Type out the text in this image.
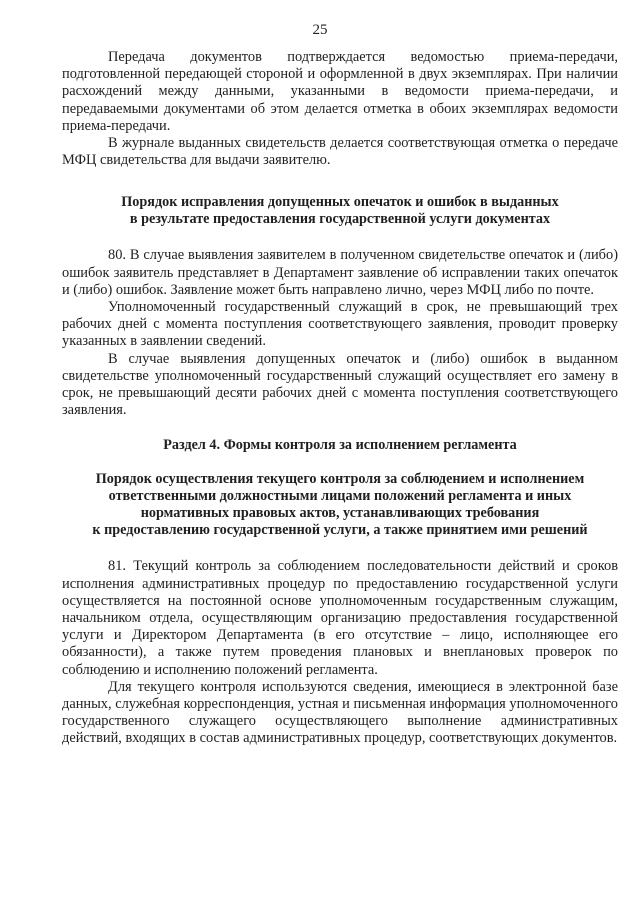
25

Передача документов подтверждается ведомостью приема-передачи, подготовленной передающей стороной и оформленной в двух экземплярах. При наличии расхождений между данными, указанными в ведомости приема-передачи, и передаваемыми документами об этом делается отметка в обоих экземплярах ведомости приема-передачи.

В журнале выданных свидетельств делается соответствующая отметка о передаче МФЦ свидетельства для выдачи заявителю.

Порядок исправления допущенных опечаток и ошибок в выданных
в результате предоставления государственной услуги документах

80. В случае выявления заявителем в полученном свидетельстве опечаток и (либо) ошибок заявитель представляет в Департамент заявление об исправлении таких опечаток и (либо) ошибок. Заявление может быть направлено лично, через МФЦ либо по почте.

Уполномоченный государственный служащий в срок, не превышающий трех рабочих дней с момента поступления соответствующего заявления, проводит проверку указанных в заявлении сведений.

В случае выявления допущенных опечаток и (либо) ошибок в выданном свидетельстве уполномоченный государственный служащий осуществляет его замену в срок, не превышающий десяти рабочих дней с момента поступления соответствующего заявления.

Раздел 4. Формы контроля за исполнением регламента
Порядок осуществления текущего контроля за соблюдением и исполнением
ответственными должностными лицами положений регламента и иных
нормативных правовых актов, устанавливающих требования
к предоставлению государственной услуги, а также принятием ими решений

81. Текущий контроль за соблюдением последовательности действий и сроков исполнения административных процедур по предоставлению государственной услуги осуществляется на постоянной основе уполномоченным государственным служащим, начальником отдела, осуществляющим организацию предоставления государственной услуги и Директором Департамента (в его отсутствие – лицо, исполняющее его обязанности), а также путем проведения плановых и внеплановых проверок по соблюдению и исполнению положений регламента.

Для текущего контроля используются сведения, имеющиеся в электронной базе данных, служебная корреспонденция, устная и письменная информация уполномоченного государственного служащего осуществляющего выполнение административных действий, входящих в состав административных процедур, соответствующих документов.
